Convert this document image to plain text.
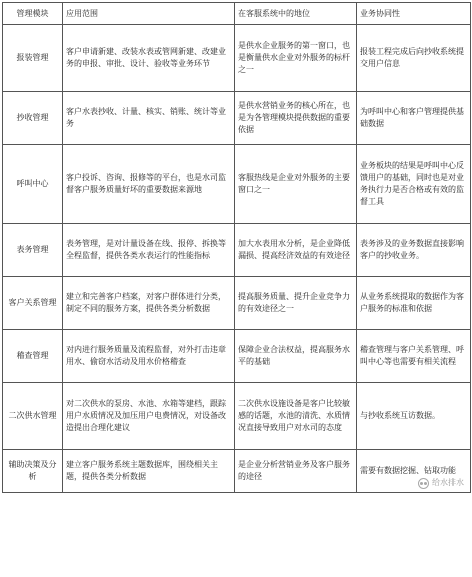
管理模块	应用范围	在客服系统中的地位	业务协同性
报装管理	客户申请新建、改装水表或管网新建、改建业务的申报、审批、设计、验收等业务环节	是供水企业服务的第一窗口，也是衡量供水企业对外服务的标杆之一	报装工程完成后向抄收系统提交用户信息
抄收管理	客户水表抄收、计量、核实、销账、统计等业务	是供水营销业务的核心所在，也是为各管理模块提供数据的重要依据	为呼叫中心和客户管理提供基础数据
呼叫中心	客户投诉、咨询、报修等的平台，也是水司监督客户服务质量好坏的重要数据来源地	客服热线是企业对外服务的主要窗口之一	业务板块的结果是呼叫中心反馈用户的基础，同时也是对业务执行力是否合格或有效的监督工具
表务管理	表务管理，是对计量设备在线、报停、拆换等全程监督，提供各类水表运行的性能指标	加大水表用水分析，是企业降低漏损、提高经济效益的有效途径	表务涉及的业务数据直接影响客户的抄收业务。
客户关系管理	建立和完善客户档案，对客户群体进行分类，制定不同的服务方案，提供各类分析数据	提高服务质量、提升企业竞争力的有效途径之一	从业务系统提取的数据作为客户服务的标准和依据
稽查管理	对内进行服务质量及流程监督，对外打击违章用水、偷窃水活动及用水价格稽查	保障企业合法权益，提高服务水平的基础	稽查管理与客户关系管理、呼叫中心等也需要有相关流程
二次供水管理	对二次供水的泵房、水池、水箱等建档，跟踪用户水质情况及加压用户电费情况，对设备改造提出合理化建议	二次供水设施设备是客户比较敏感的话题，水池的清洗、水质情况直接导致用户对水司的态度	与抄收系统互访数据。
辅助决策及分析	建立客户服务系统主题数据库，围绕相关主题，提供各类分析数据	是企业分析营销业务及客户服务的途径	需要有数据挖掘、钻取功能
给水排水
